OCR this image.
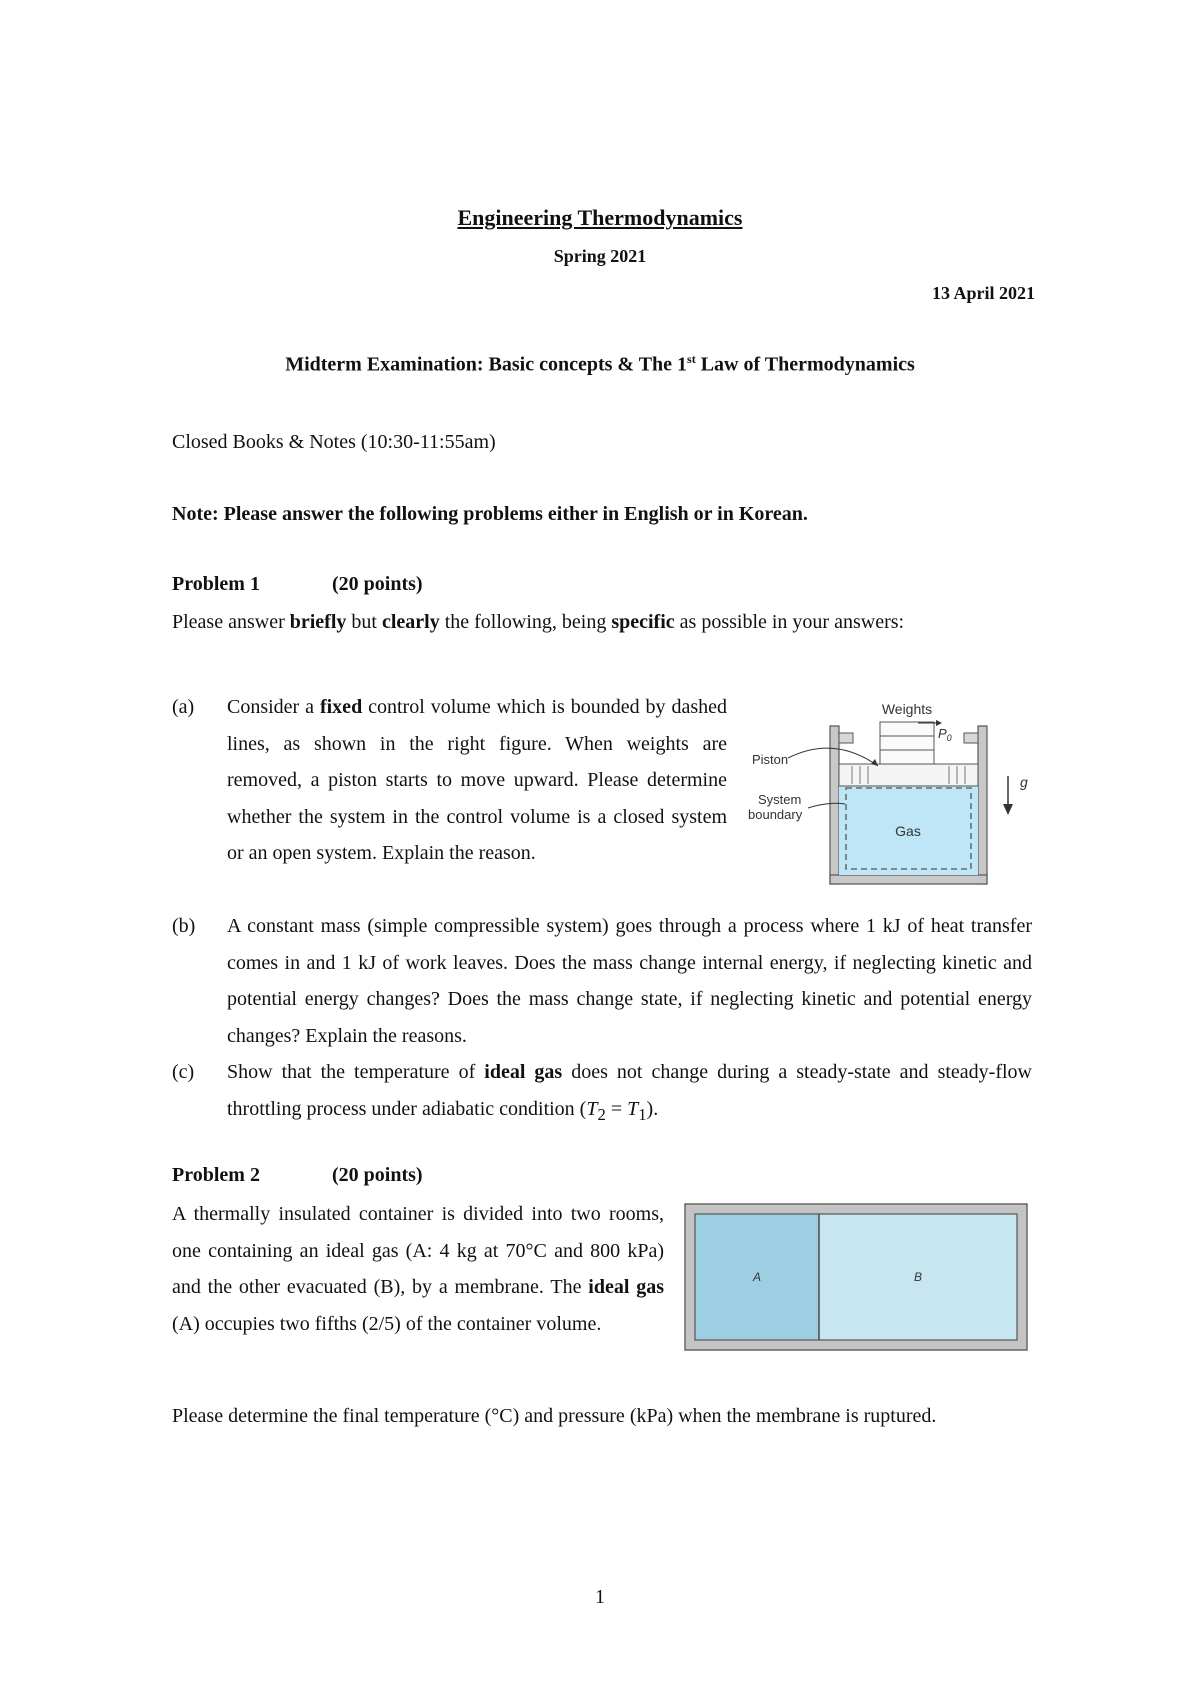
Engineering Thermodynamics
Spring 2021
13 April 2021
Midterm Examination: Basic concepts & The 1st Law of Thermodynamics
Closed Books & Notes (10:30-11:55am)
Note: Please answer the following problems either in English or in Korean.
Problem 1	(20 points)
Please answer briefly but clearly the following, being specific as possible in your answers:
(a) Consider a fixed control volume which is bounded by dashed lines, as shown in the right figure. When weights are removed, a piston starts to move upward. Please determine whether the system in the control volume is a closed system or an open system. Explain the reason.
Weights
$P_0$
Piston
System
boundary
Gas
g
(b) A constant mass (simple compressible system) goes through a process where 1 kJ of heat transfer comes in and 1 kJ of work leaves. Does the mass change internal energy, if neglecting kinetic and potential energy changes? Does the mass change state, if neglecting kinetic and potential energy changes? Explain the reasons.
(c) Show that the temperature of ideal gas does not change during a steady-state and steady-flow throttling process under adiabatic condition $(T_2 = T_1)$.
Problem 2	(20 points)
A thermally insulated container is divided into two rooms, one containing an ideal gas (A: 4 kg at 70°C and 800 kPa) and the other evacuated (B), by a membrane. The ideal gas (A) occupies two fifths (2/5) of the container volume.
A	B
Please determine the final temperature (°C) and pressure (kPa) when the membrane is ruptured.
1
